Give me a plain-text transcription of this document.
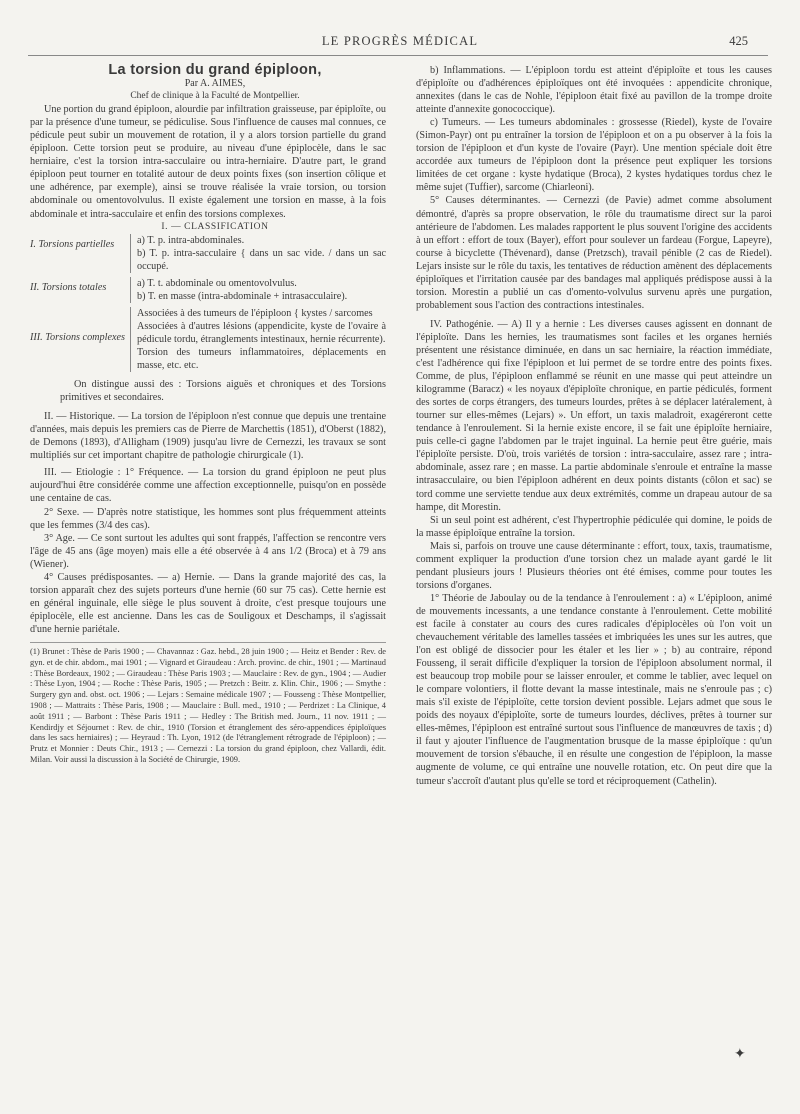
LE PROGRÈS MÉDICAL	425

La torsion du grand épiploon,

Par A. AIMES,

Chef de clinique à la Faculté de Montpellier.

Une portion du grand épiploon, alourdie par infiltration graisseuse, par épiploïte, ou par la présence d'une tumeur, se pédiculise. Sous l'influence de causes mal connues, ce pédicule peut subir un mouvement de rotation, il y a alors torsion partielle du grand épiploon. Cette torsion peut se produire, au niveau d'une épiplocèle, dans le sac herniaire, c'est la torsion intra-sacculaire ou intra-herniaire. D'autre part, le grand épiploon peut tourner en totalité autour de deux points fixes (son insertion côlique et une adhérence, par exemple), ainsi se trouve réalisée la vraie torsion, ou torsion abdominale ou omentovolvulus. Il existe également une torsion en masse, à la fois abdominale et intra-sacculaire et enfin des torsions complexes.

I. — CLASSIFICATION

I. Torsions partielles	a) T. p. intra-abdominales.
b) T. p. intra-sacculaire { dans un sac vide. / dans un sac occupé.
II. Torsions totales	a) T. t. abdominale ou omentovolvulus.
b) T. en masse (intra-abdominale + intrasacculaire).
III. Torsions complexes
Associées à des tumeurs de l'épiploon { kystes / sarcomes
Associées à d'autres lésions (appendicite, kyste de l'ovaire à pédicule tordu, étranglements intestinaux, hernie récurrente).
Torsion des tumeurs inflammatoires, déplacements en masse, etc. etc.

On distingue aussi des : Torsions aiguës et chroniques et des Torsions primitives et secondaires.

II. — Historique. — La torsion de l'épiploon n'est connue que depuis une trentaine d'années, mais depuis les premiers cas de Pierre de Marchettis (1851), d'Oberst (1882), de Demons (1893), d'Alligham (1909) jusqu'au livre de Cernezzi, les travaux se sont multipliés sur cet important chapitre de pathologie chirurgicale (1).

III. — Etiologie : 1° Fréquence. — La torsion du grand épiploon ne peut plus aujourd'hui être considérée comme une affection exceptionnelle, puisqu'on en possède une centaine de cas.

2° Sexe. — D'après notre statistique, les hommes sont plus fréquemment atteints que les femmes (3/4 des cas).

3° Age. — Ce sont surtout les adultes qui sont frappés, l'affection se rencontre vers l'âge de 45 ans (âge moyen) mais elle a été observée à 4 ans 1/2 (Broca) et à 79 ans (Wiener).

4° Causes prédisposantes. — a) Hernie. — Dans la grande majorité des cas, la torsion apparaît chez des sujets porteurs d'une hernie (60 sur 75 cas). Cette hernie est en général inguinale, elle siège le plus souvent à droite, c'est presque toujours une épiplocèle, elle est ancienne. Dans les cas de Souligoux et Deschamps, il s'agissait d'une hernie pariétale.

(1) Brunet : Thèse de Paris 1900 ; — Chavannaz : Gaz. hebd., 28 juin 1900 ; — Heitz et Bender : Rev. de gyn. et de chir. abdom., mai 1901 ; — Vignard et Giraudeau : Arch. provinc. de chir., 1901 ; — Martinaud : Thèse Bordeaux, 1902 ; — Giraudeau : Thèse Paris 1903 ; — Mauclaire : Rev. de gyn., 1904 ; — Audier : Thèse Lyon, 1904 ; — Roche : Thèse Paris, 1905 ; — Pretzch : Beitr. z. Klin. Chir., 1906 ; — Smythe : Surgery gyn and. obst. oct. 1906 ; — Lejars : Semaine médicale 1907 ; — Fousseng : Thèse Montpellier, 1908 ; — Mattraits : Thèse Paris, 1908 ; — Mauclaire : Bull. med., 1910 ; — Perdrizet : La Clinique, 4 août 1911 ; — Barbont : Thèse Paris 1911 ; — Hedley : The British med. Journ., 11 nov. 1911 ; — Kendirdjy et Séjournet : Rev. de chir., 1910 (Torsion et étranglement des séro-appendices épiploïques dans les sacs herniaires) ; — Heyraud : Th. Lyon, 1912 (de l'étranglement rétrograde de l'épiploon) ; — Prutz et Monnier : Deuts Chir., 1913 ; — Cernezzi : La torsion du grand épiploon, chez Vallardi, édit. Milan. Voir aussi la discussion à la Société de Chirurgie, 1909.

b) Inflammations. — L'épiploon tordu est atteint d'épiploïte et tous les causes d'épiploïte ou d'adhérences épiploïques ont été invoquées : appendicite chronique, annexites (dans le cas de Nohle, l'épiploon était fixé au pavillon de la trompe droite atteinte d'annexite gonococcique).

c) Tumeurs. — Les tumeurs abdominales : grossesse (Riedel), kyste de l'ovaire (Simon-Payr) ont pu entraîner la torsion de l'épiploon et on a pu observer à la fois la torsion de l'épiploon et d'un kyste de l'ovaire (Payr). Une mention spéciale doit être accordée aux tumeurs de l'épiploon dont la présence peut expliquer les torsions limitées de cet organe : kyste hydatique (Broca), 2 kystes hydatiques tordus chez le même sujet (Tuffier), sarcome (Chiarleoni).

5° Causes déterminantes. — Cernezzi (de Pavie) admet comme absolument démontré, d'après sa propre observation, le rôle du traumatisme direct sur la paroi antérieure de l'abdomen. Les malades rapportent le plus souvent l'origine des accidents à un effort : effort de toux (Bayer), effort pour soulever un fardeau (Forgue, Lapeyre), course à bicyclette (Thévenard), danse (Pretzsch), travail pénible (2 cas de Riedel). Lejars insiste sur le rôle du taxis, les tentatives de réduction amènent des déplacements épiploïques et l'irritation causée par des bandages mal appliqués prédispose aussi à la torsion. Morestin a publié un cas d'omento-volvulus survenu après une purgation, probablement sous l'action des contractions intestinales.

IV. Pathogénie. — A) Il y a hernie : Les diverses causes agissent en donnant de l'épiploïte. Dans les hernies, les traumatismes sont faciles et les organes herniés présentent une résistance diminuée, en dans un sac herniaire, la réaction immédiate, c'est l'adhérence qui fixe l'épiploon et lui permet de se tordre entre des points fixes. Comme, de plus, l'épiploon enflammé se réunit en une masse qui peut atteindre un kilogramme (Baracz) « les noyaux d'épiploïte chronique, en partie pédiculés, forment des sortes de corps étrangers, des tumeurs lourdes, prêtes à se déplacer latéralement, à tourner sur elles-mêmes (Lejars) ». Un effort, un taxis maladroit, exagéreront cette tendance à l'enroulement. Si la hernie existe encore, il se fait une épiploïte herniaire, puis celle-ci gagne l'abdomen par le trajet inguinal. La hernie peut être guérie, mais l'épiploïte persiste. D'où, trois variétés de torsion : intra-sacculaire, assez rare ; intra-abdominale, assez rare ; en masse. La partie abdominale s'enroule et entraîne la masse intrasacculaire, ou bien l'épiploon adhérent en deux points distants (côlon et sac) se tord comme une serviette tendue aux deux extrémités, comme un drapeau autour de sa hampe, dit Morestin.

Si un seul point est adhérent, c'est l'hypertrophie pédiculée qui domine, le poids de la masse épiploïque entraîne la torsion.

Mais si, parfois on trouve une cause déterminante : effort, toux, taxis, traumatisme, comment expliquer la production d'une torsion chez un malade ayant gardé le lit pendant plusieurs jours ! Plusieurs théories ont été émises, comme pour toutes les torsions d'organes.

1° Théorie de Jaboulay ou de la tendance à l'enroulement : a) « L'épiploon, animé de mouvements incessants, a une tendance constante à l'enroulement. Cette mobilité est facile à constater au cours des cures radicales d'épiplocèles où l'on voit un chevauchement véritable des lamelles tassées et imbriquées les unes sur les autres, que l'on est obligé de dissocier pour les étaler et les lier » ; b) au contraire, répond Fousseng, il serait difficile d'expliquer la torsion de l'épiploon absolument normal, il est beaucoup trop mobile pour se laisser enrouler, et comme le tablier, avec lequel on le compare volontiers, il flotte devant la masse intestinale, mais ne s'enroule pas ; c) mais s'il existe de l'épiploïte, cette torsion devient possible. Lejars admet que sous le poids des noyaux d'épiploïte, sorte de tumeurs lourdes, déclives, prêtes à tourner sur elles-mêmes, l'épiploon est entraîné surtout sous l'influence de manœuvres de taxis ; d) il faut y ajouter l'influence de l'augmentation brusque de la masse épiploïque : qu'un mouvement de torsion s'ébauche, il en résulte une congestion de l'épiploon, la masse augmente de volume, ce qui entraîne une nouvelle rotation, etc. On peut dire que la tumeur s'accroît d'autant plus qu'elle se tord et réciproquement (Cathelin).

✦
